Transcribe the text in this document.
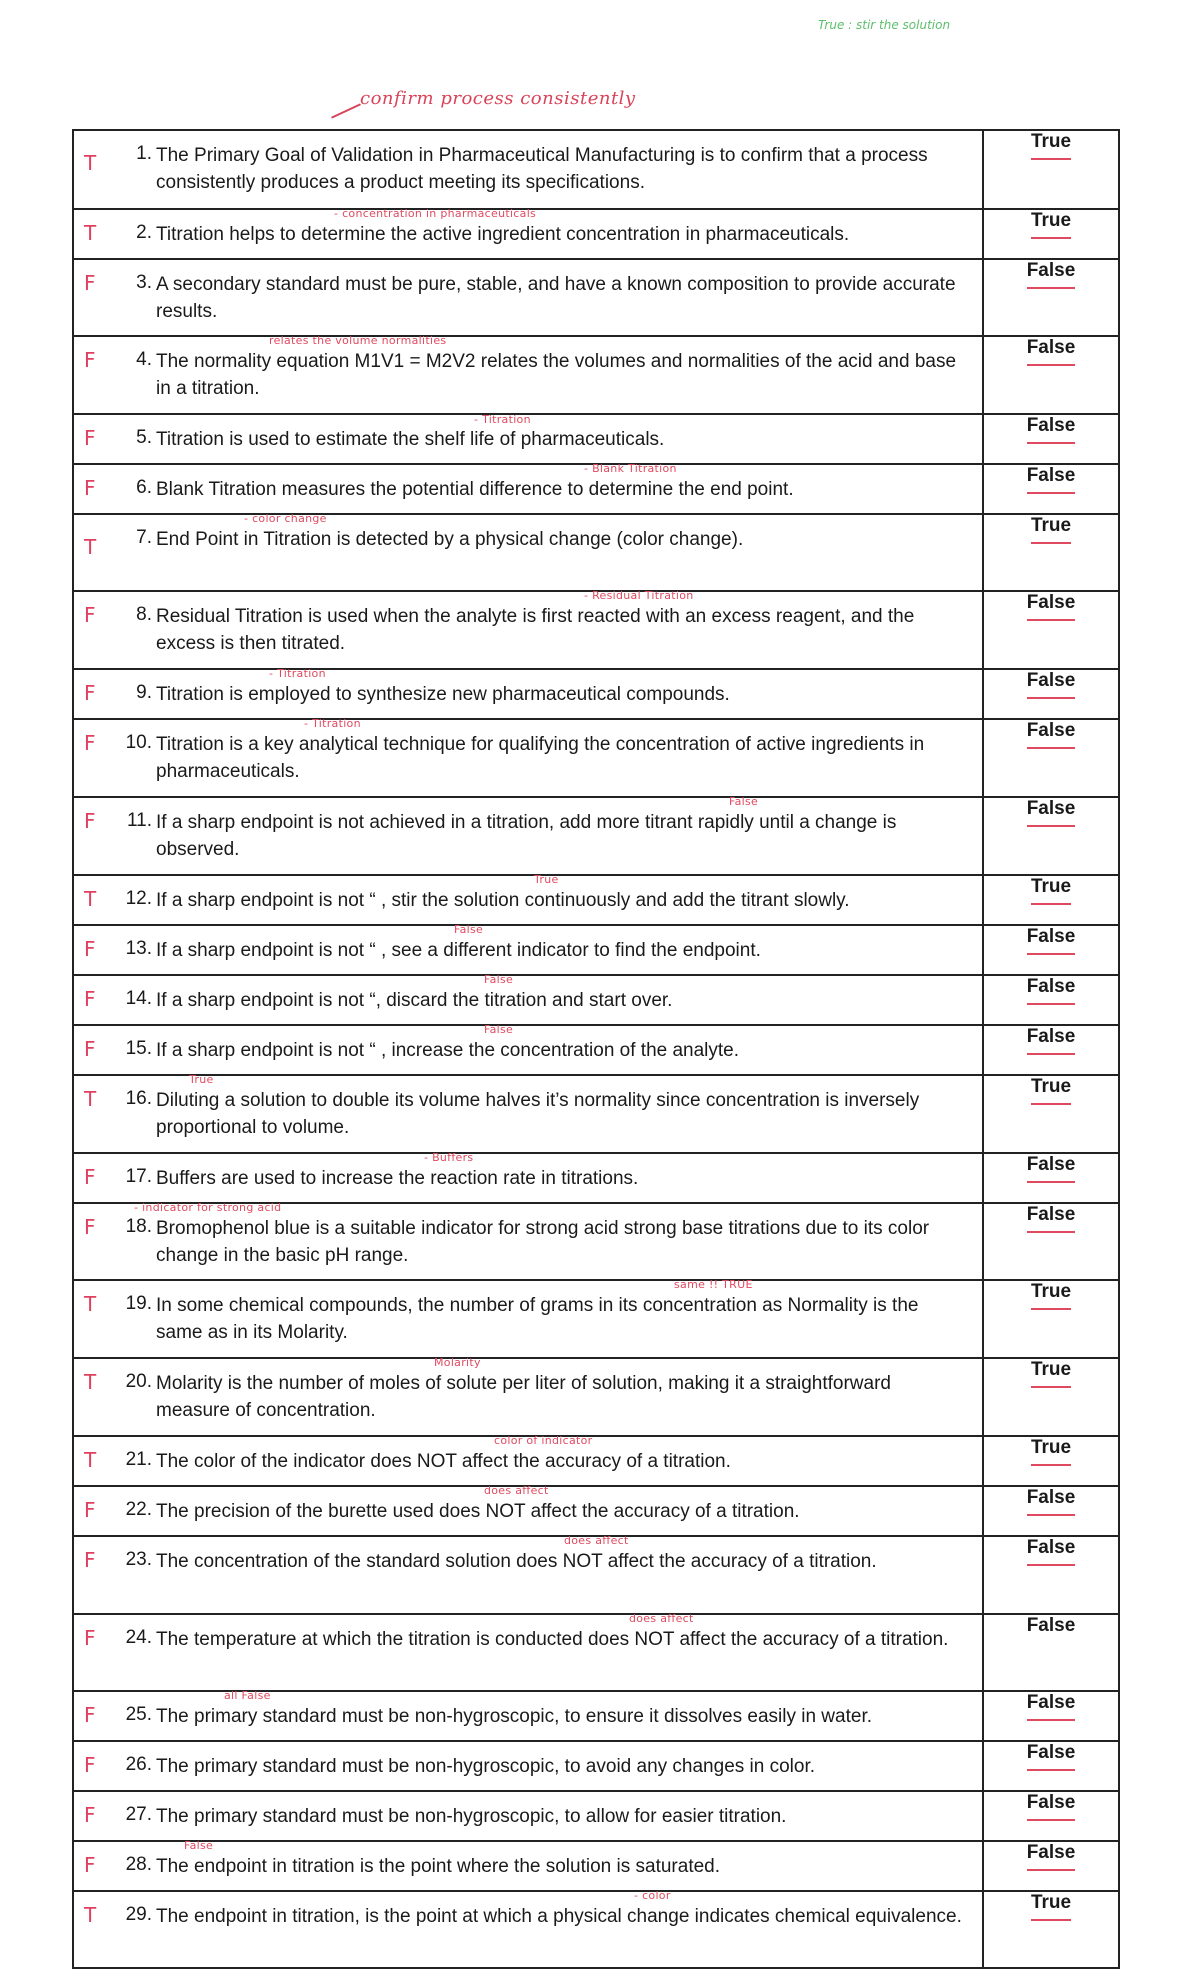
True : stir the solution
confirm process consistently
T 1. The Primary Goal of Validation in Pharmaceutical Manufacturing is to confirm that a process consistently produces a product meeting its specifications.	True

T 2. Titration helps to determine the active ingredient concentration in pharmaceuticals.
- concentration in pharmaceuticals	True

F 3. A secondary standard must be pure, stable, and have a known composition to provide accurate results.	False

F 4. The normality equation M1V1 = M2V2 relates the volumes and normalities of the acid and base in a titration.
relates the volume normalities	False

F 5. Titration is used to estimate the shelf life of pharmaceuticals.
- Titration	False

F 6. Blank Titration measures the potential difference to determine the end point.
- Blank Titration	False

T 7. End Point in Titration is detected by a physical change (color change).
- color change	True

F 8. Residual Titration is used when the analyte is first reacted with an excess reagent, and the excess is then titrated.
- Residual Titration	False

F 9. Titration is employed to synthesize new pharmaceutical compounds.
- Titration	False

F 10. Titration is a key analytical technique for qualifying the concentration of active ingredients in pharmaceuticals.
- Titration	False

F 11. If a sharp endpoint is not achieved in a titration, add more titrant rapidly until a change is observed.
False	False

T 12. If a sharp endpoint is not “ , stir the solution continuously and add the titrant slowly.
True	True

F 13. If a sharp endpoint is not “ , see a different indicator to find the endpoint.
False	False

F 14. If a sharp endpoint is not “, discard the titration and start over.
False	False

F 15. If a sharp endpoint is not “ , increase the concentration of the analyte.
False	False

T 16. Diluting a solution to double its volume halves it’s normality since concentration is inversely proportional to volume.
True	True

F 17. Buffers are used to increase the reaction rate in titrations.
- Buffers	False

F 18. Bromophenol blue is a suitable indicator for strong acid strong base titrations due to its color change in the basic pH range.
- indicator for strong acid	False

T 19. In some chemical compounds, the number of grams in its concentration as Normality is the same as in its Molarity.
same !! TRUE	True

T 20. Molarity is the number of moles of solute per liter of solution, making it a straightforward measure of concentration.
Molarity	True

T 21. The color of the indicator does NOT affect the accuracy of a titration.
color of indicator	True

F 22. The precision of the burette used does NOT affect the accuracy of a titration.
does affect	False

F 23. The concentration of the standard solution does NOT affect the accuracy of a titration.
does affect	False

F 24. The temperature at which the titration is conducted does NOT affect the accuracy of a titration.
does affect	False

F 25. The primary standard must be non-hygroscopic, to ensure it dissolves easily in water.
all False	False

F 26. The primary standard must be non-hygroscopic, to avoid any changes in color.	False

F 27. The primary standard must be non-hygroscopic, to allow for easier titration.	False

F 28. The endpoint in titration is the point where the solution is saturated.
False	False

T 29. The endpoint in titration, is the point at which a physical change indicates chemical equivalence.
- color	True
